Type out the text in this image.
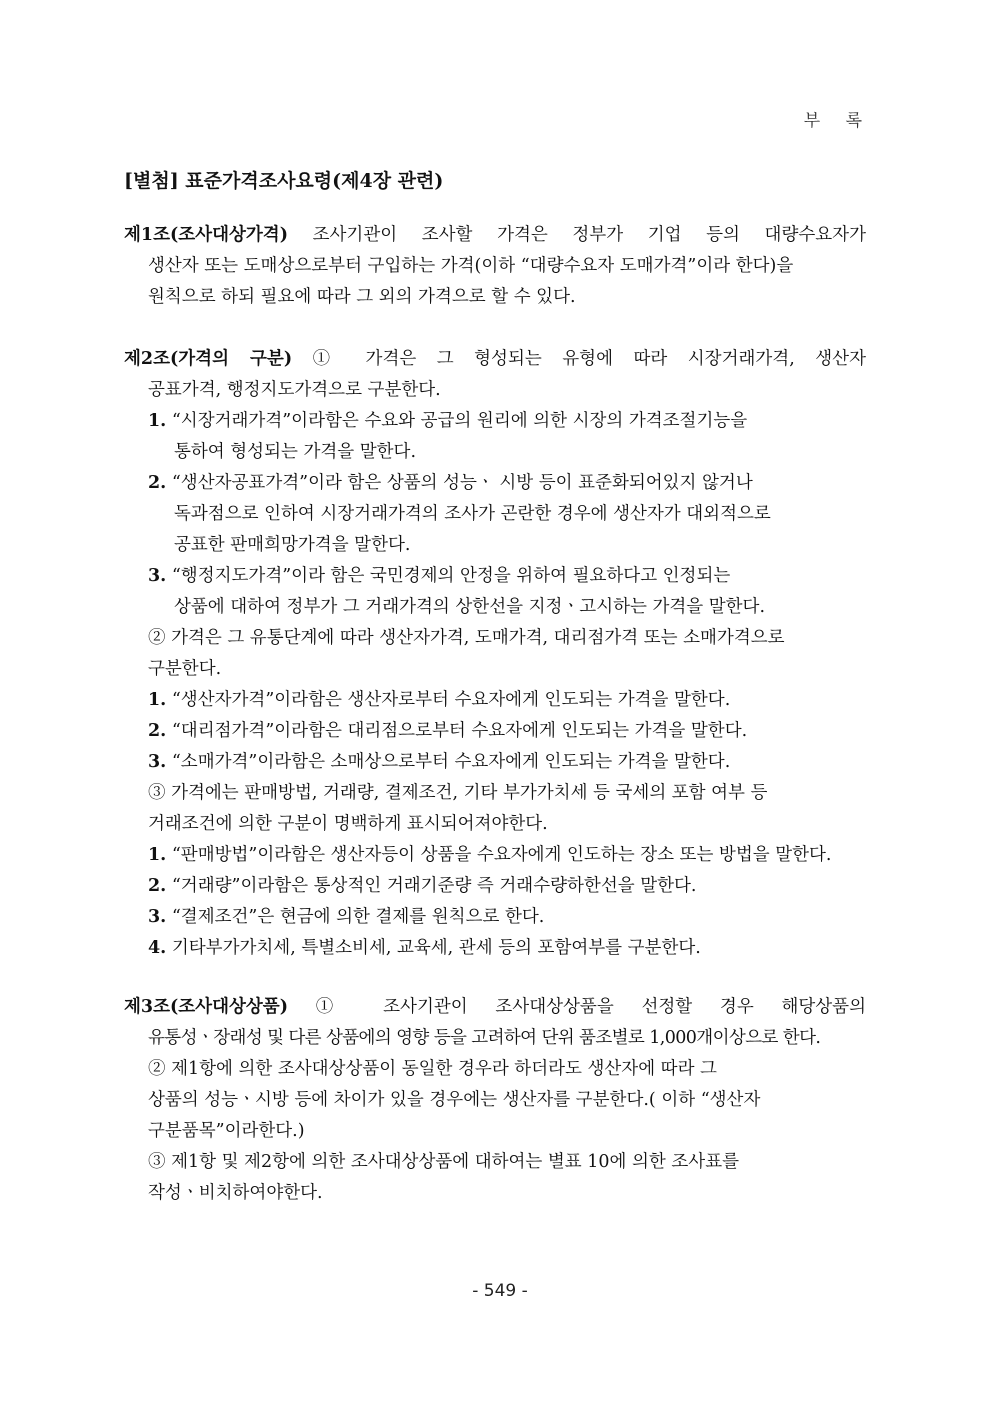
부 록
[별첨] 표준가격조사요령(제4장 관련)
제1조(조사대상가격) 조사기관이 조사할 가격은 정부가 기업 등의 대량수요자가
생산자 또는 도매상으로부터 구입하는 가격(이하 “대량수요자 도매가격”이라 한다)을
원칙으로 하되 필요에 따라 그 외의 가격으로 할 수 있다.
제2조(가격의 구분) ① 가격은 그 형성되는 유형에 따라 시장거래가격, 생산자
공표가격, 행정지도가격으로 구분한다.
1. “시장거래가격”이라함은 수요와 공급의 원리에 의한 시장의 가격조절기능을
통하여 형성되는 가격을 말한다.
2. “생산자공표가격”이라 함은 상품의 성능ㆍ 시방 등이 표준화되어있지 않거나
독과점으로 인하여 시장거래가격의 조사가 곤란한 경우에 생산자가 대외적으로
공표한 판매희망가격을 말한다.
3. “행정지도가격”이라 함은 국민경제의 안정을 위하여 필요하다고 인정되는
상품에 대하여 정부가 그 거래가격의 상한선을 지정ㆍ고시하는 가격을 말한다.
② 가격은 그 유통단계에 따라 생산자가격, 도매가격, 대리점가격 또는 소매가격으로
구분한다.
1. “생산자가격”이라함은 생산자로부터 수요자에게 인도되는 가격을 말한다.
2. “대리점가격”이라함은 대리점으로부터 수요자에게 인도되는 가격을 말한다.
3. “소매가격”이라함은 소매상으로부터 수요자에게 인도되는 가격을 말한다.
③ 가격에는 판매방법, 거래량, 결제조건, 기타 부가가치세 등 국세의 포함 여부 등
거래조건에 의한 구분이 명백하게 표시되어져야한다.
1. “판매방법”이라함은 생산자등이 상품을 수요자에게 인도하는 장소 또는 방법을 말한다.
2. “거래량”이라함은 통상적인 거래기준량 즉 거래수량하한선을 말한다.
3. “결제조건”은 현금에 의한 결제를 원칙으로 한다.
4. 기타부가가치세, 특별소비세, 교육세, 관세 등의 포함여부를 구분한다.
제3조(조사대상상품) ① 조사기관이 조사대상상품을 선정할 경우 해당상품의
유통성ㆍ장래성 및 다른 상품에의 영향 등을 고려하여 단위 품조별로 1,000개이상으로 한다.
② 제1항에 의한 조사대상상품이 동일한 경우라 하더라도 생산자에 따라 그
상품의 성능ㆍ시방 등에 차이가 있을 경우에는 생산자를 구분한다.( 이하 “생산자
구분품목”이라한다.)
③ 제1항 및 제2항에 의한 조사대상상품에 대하여는 별표 10에 의한 조사표를
작성ㆍ비치하여야한다.
- 549 -
